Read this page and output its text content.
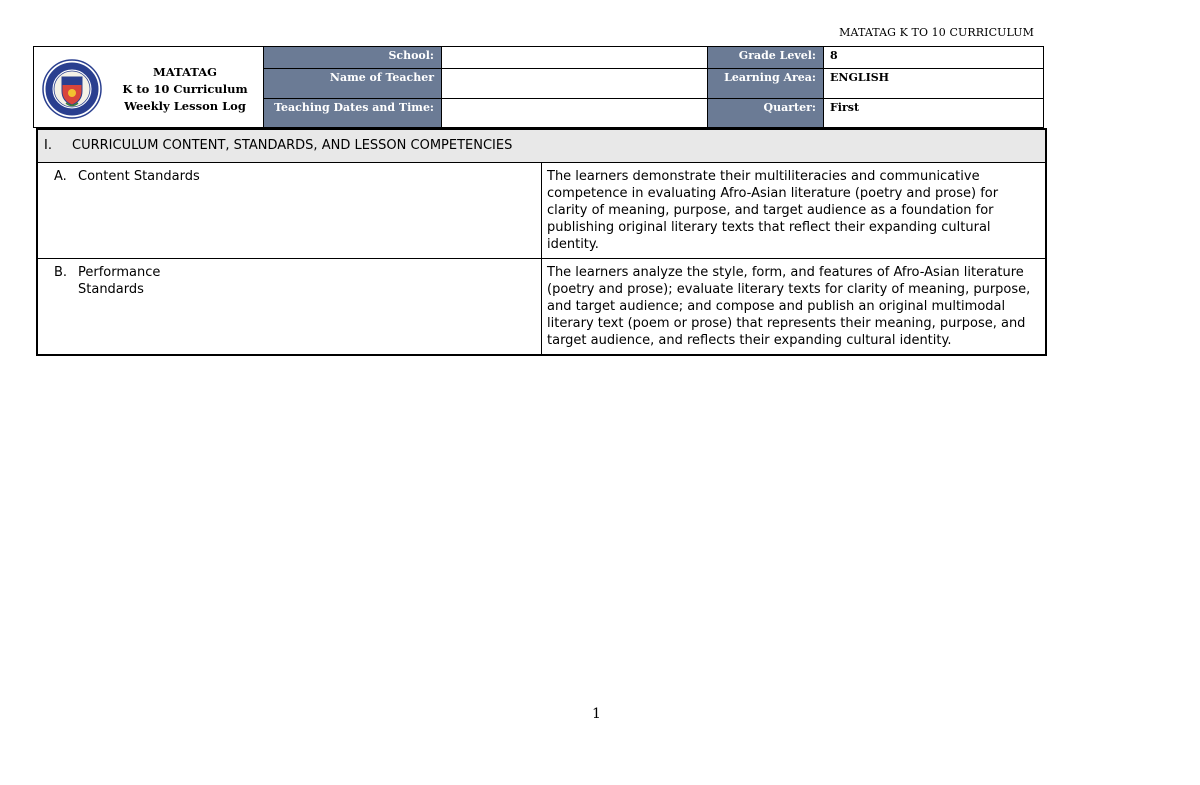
MATATAG K TO 10 CURRICULUM
MATATAG
K to 10 Curriculum
Weekly Lesson Log	School:		Grade Level:	8
	Name of Teacher		Learning Area:	ENGLISH
	Teaching Dates and Time:		Quarter:	First
I. CURRICULUM CONTENT, STANDARDS, AND LESSON COMPETENCIES	
A. Content Standards	The learners demonstrate their multiliteracies and communicative competence in evaluating Afro-Asian literature (poetry and prose) for clarity of meaning, purpose, and target audience as a foundation for publishing original literary texts that reflect their expanding cultural identity.
B. Performance Standards	The learners analyze the style, form, and features of Afro-Asian literature (poetry and prose); evaluate literary texts for clarity of meaning, purpose, and target audience; and compose and publish an original multimodal literary text (poem or prose) that represents their meaning, purpose, and target audience, and reflects their expanding cultural identity.
1
